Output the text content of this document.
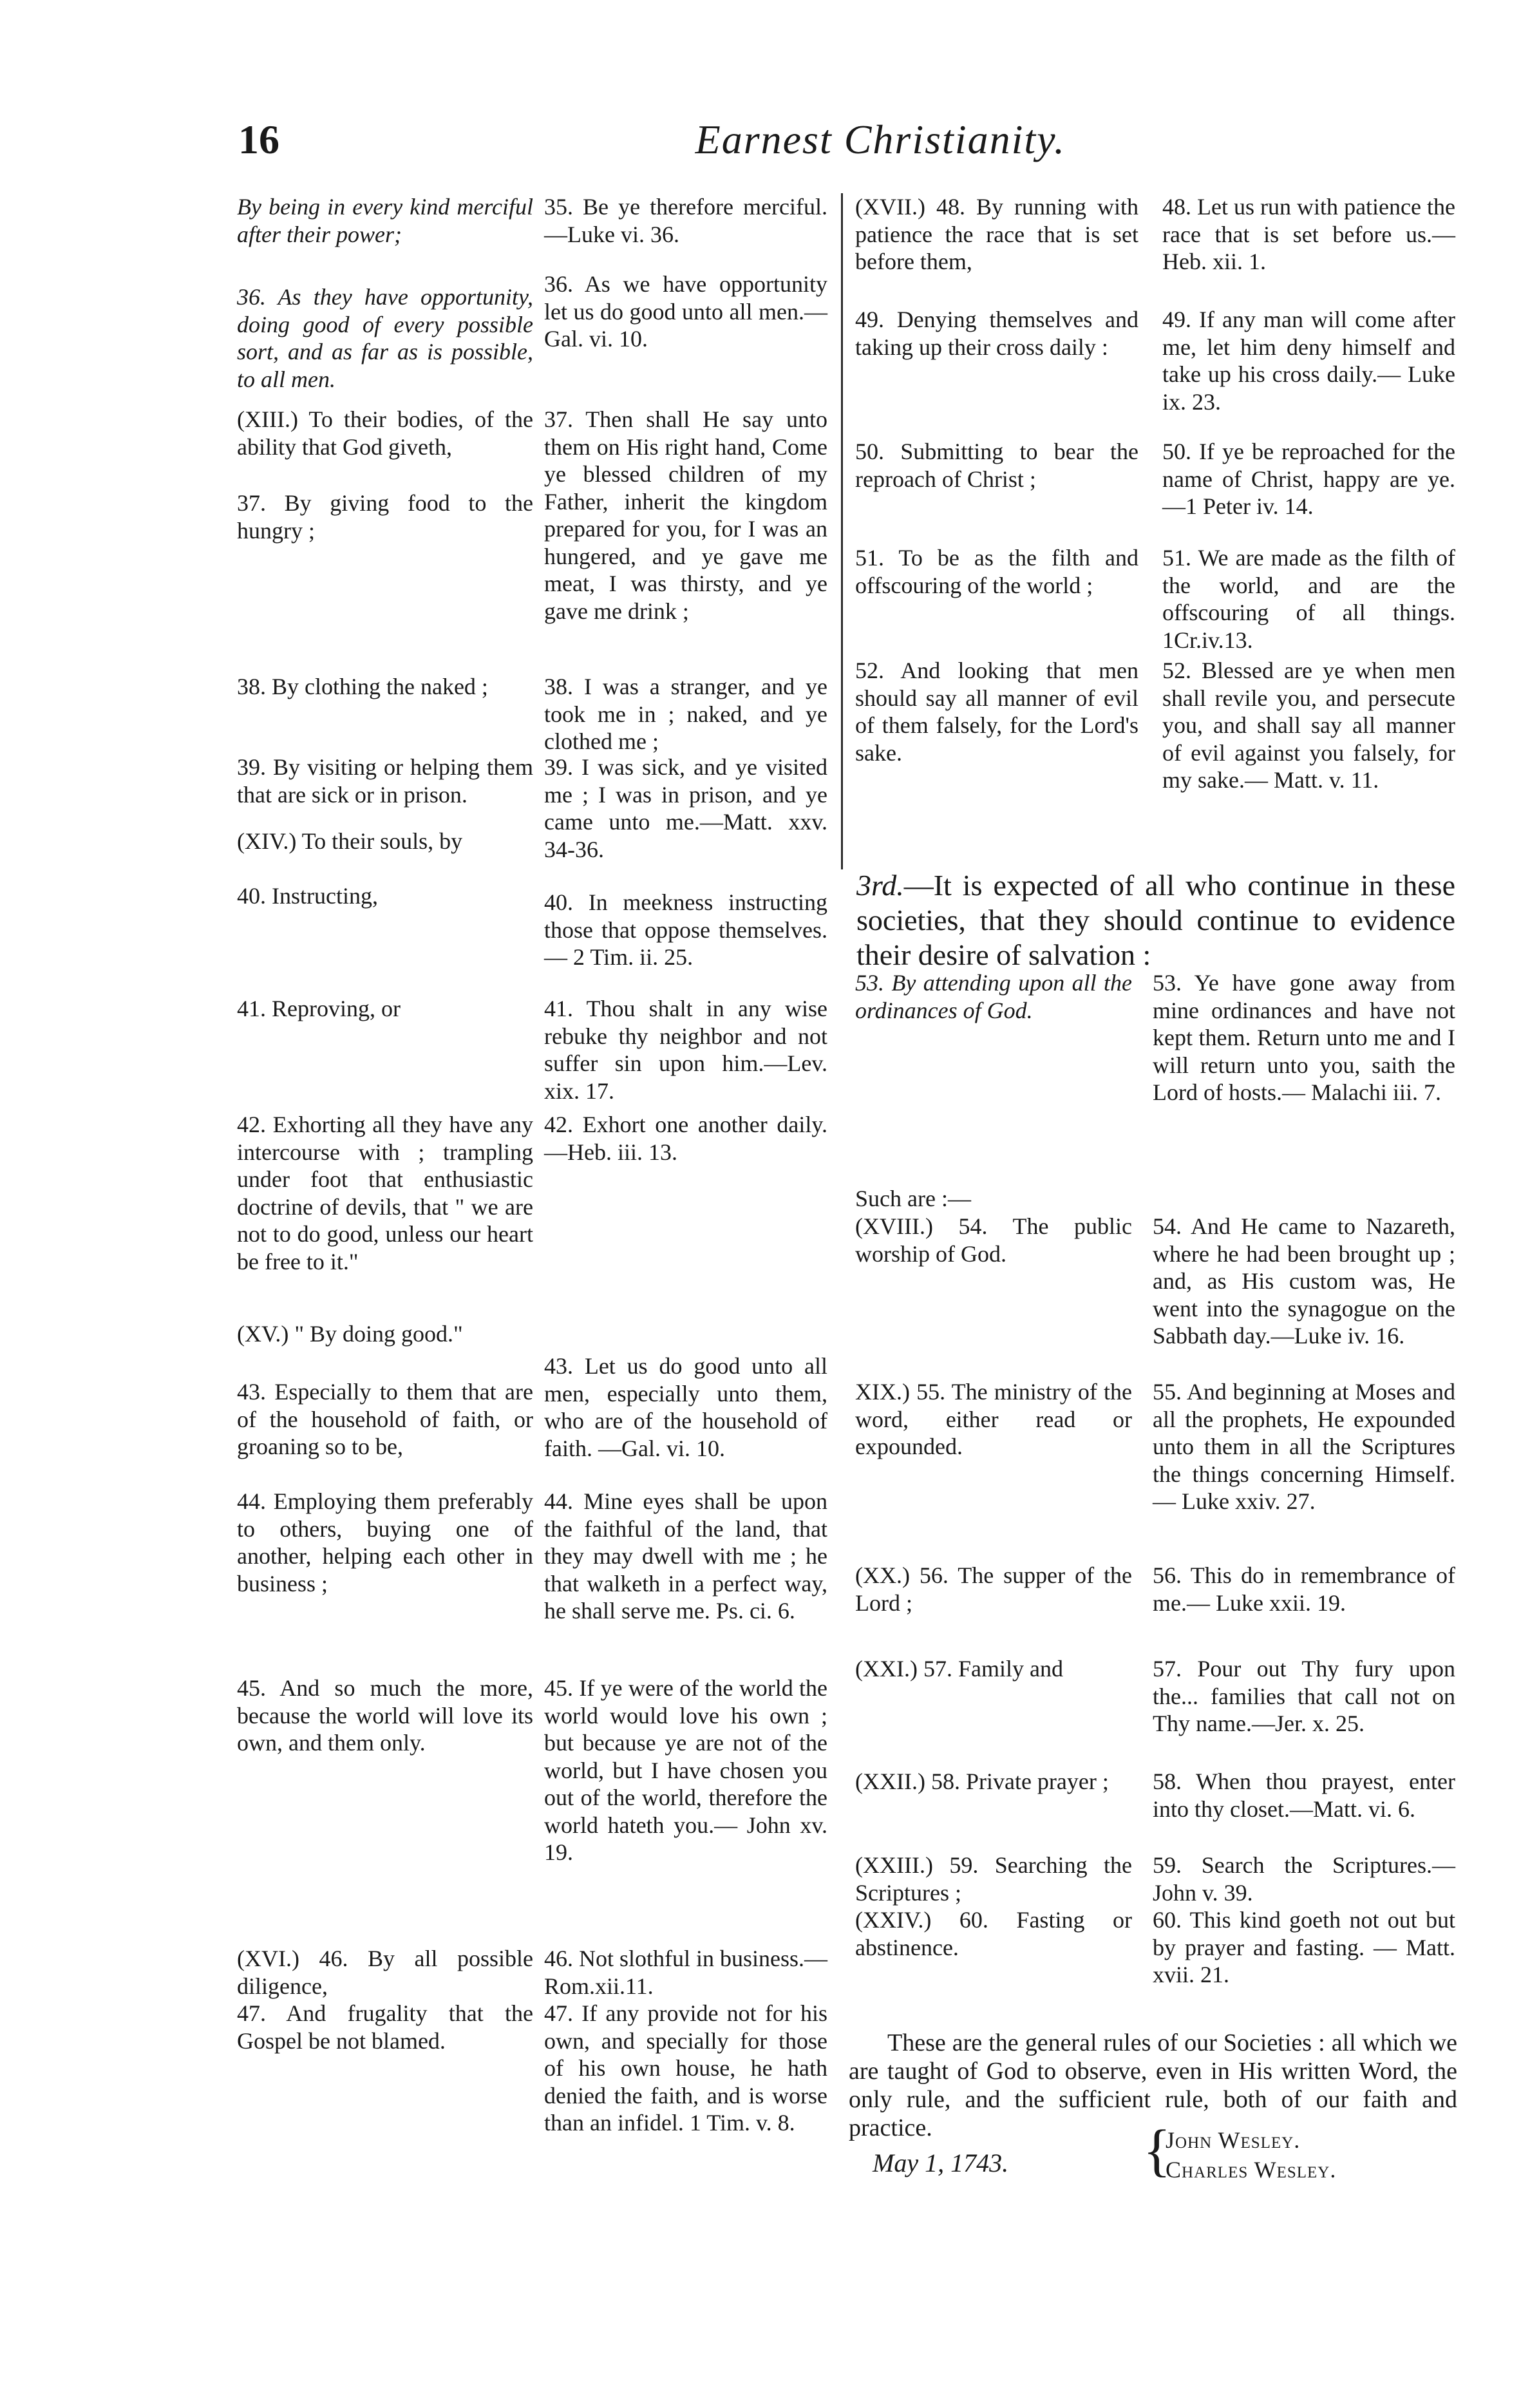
16	Earnest Christianity.

By being in every kind merciful after their power;

36. As they have opportunity, doing good of every possible sort, and as far as is possible, to all men.

(XIII.) To their bodies, of the ability that God giveth,

37. By giving food to the hungry ;

38. By clothing the naked ;

39. By visiting or helping them that are sick or in prison.

(XIV.) To their souls, by

40. Instructing,

41. Reproving, or

42. Exhorting all they have any intercourse with ; trampling under foot that enthusiastic doctrine of devils, that " we are not to do good, unless our heart be free to it."

(XV.) " By doing good."

43. Especially to them that are of the household of faith, or groaning so to be,

44. Employing them preferably to others, buying one of another, helping each other in business ;

45. And so much the more, because the world will love its own, and them only.

(XVI.) 46. By all possible diligence,

47. And frugality that the Gospel be not blamed.

35. Be ye therefore merciful.—Luke vi. 36.

36. As we have opportunity let us do good unto all men.—Gal. vi. 10.

37. Then shall He say unto them on His right hand, Come ye blessed children of my Father, inherit the kingdom prepared for you, for I was an hungered, and ye gave me meat, I was thirsty, and ye gave me drink ;

38. I was a stranger, and ye took me in ; naked, and ye clothed me ;

39. I was sick, and ye visited me ; I was in prison, and ye came unto me.—Matt. xxv. 34-36.

40. In meekness instructing those that oppose themselves. — 2 Tim. ii. 25.

41. Thou shalt in any wise rebuke thy neighbor and not suffer sin upon him.—Lev. xix. 17.

42. Exhort one another daily.—Heb. iii. 13.

43. Let us do good unto all men, especially unto them, who are of the household of faith. —Gal. vi. 10.

44. Mine eyes shall be upon the faithful of the land, that they may dwell with me ; he that walketh in a perfect way, he shall serve me. Ps. ci. 6.

45. If ye were of the world the world would love his own ; but because ye are not of the world, but I have chosen you out of the world, therefore the world hateth you.— John xv. 19.

46. Not slothful in business.—Rom.xii.11.

47. If any provide not for his own, and specially for those of his own house, he hath denied the faith, and is worse than an infidel. 1 Tim. v. 8.

(XVII.) 48. By running with patience the race that is set before them,

49. Denying themselves and taking up their cross daily :

50. Submitting to bear the reproach of Christ ;

51. To be as the filth and offscouring of the world ;

52. And looking that men should say all manner of evil of them falsely, for the Lord's sake.

48. Let us run with patience the race that is set before us.—Heb. xii. 1.

49. If any man will come after me, let him deny himself and take up his cross daily.— Luke ix. 23.

50. If ye be reproached for the name of Christ, happy are ye.—1 Peter iv. 14.

51. We are made as the filth of the world, and are the offscouring of all things. 1Cr.iv.13.

52. Blessed are ye when men shall revile you, and persecute you, and shall say all manner of evil against you falsely, for my sake.— Matt. v. 11.

3rd.—It is expected of all who continue in these societies, that they should continue to evidence their desire of salvation :

53. By attending upon all the ordinances of God.

Such are :—

(XVIII.) 54. The public worship of God.

XIX.) 55. The ministry of the word, either read or expounded.

(XX.) 56. The supper of the Lord ;

(XXI.) 57. Family and

(XXII.) 58. Private prayer ;

(XXIII.) 59. Searching the Scriptures ;

(XXIV.) 60. Fasting or abstinence.

53. Ye have gone away from mine ordinances and have not kept them. Return unto me and I will return unto you, saith the Lord of hosts.— Malachi iii. 7.

54. And He came to Nazareth, where he had been brought up ; and, as His custom was, He went into the synagogue on the Sabbath day.—Luke iv. 16.

55. And beginning at Moses and all the prophets, He expounded unto them in all the Scriptures the things concerning Himself.— Luke xxiv. 27.

56. This do in remembrance of me.— Luke xxii. 19.

57. Pour out Thy fury upon the... families that call not on Thy name.—Jer. x. 25.

58. When thou prayest, enter into thy closet.—Matt. vi. 6.

59. Search the Scriptures.—John v. 39.

60. This kind goeth not out but by prayer and fasting. — Matt. xvii. 21.

These are the general rules of our Societies : all which we are taught of God to observe, even in His written Word, the only rule, and the sufficient rule, both of our faith and practice.
May 1, 1743. {
John Wesley.
Charles Wesley.
